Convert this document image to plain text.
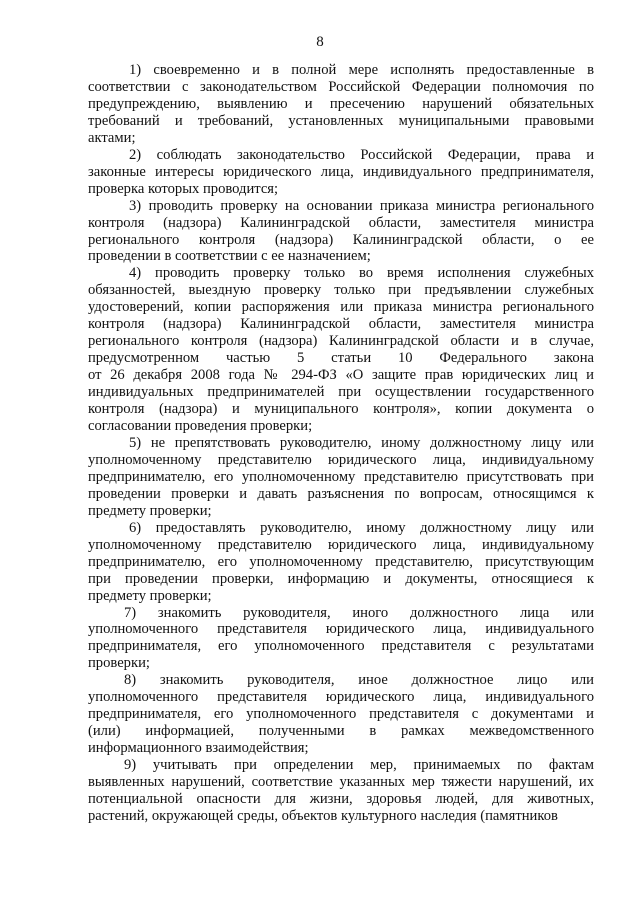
8
1) своевременно и в полной мере исполнять предоставленные в
соответствии с законодательством Российской Федерации полномочия по
предупреждению, выявлению и пресечению нарушений обязательных
требований и требований, установленных муниципальными правовыми
актами;
2) соблюдать законодательство Российской Федерации, права и
законные интересы юридического лица, индивидуального предпринимателя,
проверка которых проводится;
3) проводить проверку на основании приказа министра регионального
контроля (надзора) Калининградской области, заместителя министра
регионального контроля (надзора) Калининградской области, о ее
проведении в соответствии с ее назначением;
4) проводить проверку только во время исполнения служебных
обязанностей, выездную проверку только при предъявлении служебных
удостоверений, копии распоряжения или приказа министра регионального
контроля (надзора) Калининградской области, заместителя министра
регионального контроля (надзора) Калининградской области и в случае,
предусмотренном частью 5 статьи 10 Федерального закона
от 26 декабря 2008 года № 294-ФЗ «О защите прав юридических лиц и
индивидуальных предпринимателей при осуществлении государственного
контроля (надзора) и муниципального контроля», копии документа о
согласовании проведения проверки;
5) не препятствовать руководителю, иному должностному лицу или
уполномоченному представителю юридического лица, индивидуальному
предпринимателю, его уполномоченному представителю присутствовать при
проведении проверки и давать разъяснения по вопросам, относящимся к
предмету проверки;
6) предоставлять руководителю, иному должностному лицу или
уполномоченному представителю юридического лица, индивидуальному
предпринимателю, его уполномоченному представителю, присутствующим
при проведении проверки, информацию и документы, относящиеся к
предмету проверки;
7) знакомить руководителя, иного должностного лица или
уполномоченного представителя юридического лица, индивидуального
предпринимателя, его уполномоченного представителя с результатами
проверки;
8) знакомить руководителя, иное должностное лицо или
уполномоченного представителя юридического лица, индивидуального
предпринимателя, его уполномоченного представителя с документами и
(или) информацией, полученными в рамках межведомственного
информационного взаимодействия;
9) учитывать при определении мер, принимаемых по фактам
выявленных нарушений, соответствие указанных мер тяжести нарушений, их
потенциальной опасности для жизни, здоровья людей, для животных,
растений, окружающей среды, объектов культурного наследия (памятников
